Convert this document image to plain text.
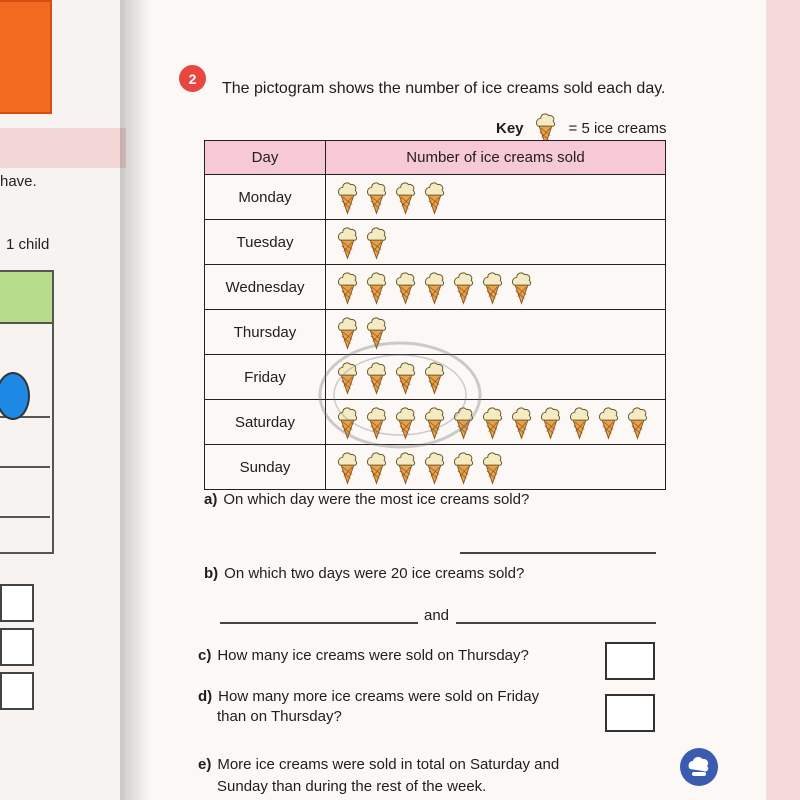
have.
1 child
2
The pictogram shows the number of ice creams sold each day.
Key	= 5 ice creams
Day	Number of ice creams sold
Monday	
Tuesday	
Wednesday	
Thursday	
Friday	
Saturday	
Sunday	
a) On which day were the most ice creams sold?
b) On which two days were 20 ice creams sold?
and
c) How many ice creams were sold on Thursday?
d) How many more ice creams were sold on Friday
than on Thursday?
e) More ice creams were sold in total on Saturday and
Sunday than during the rest of the week.
